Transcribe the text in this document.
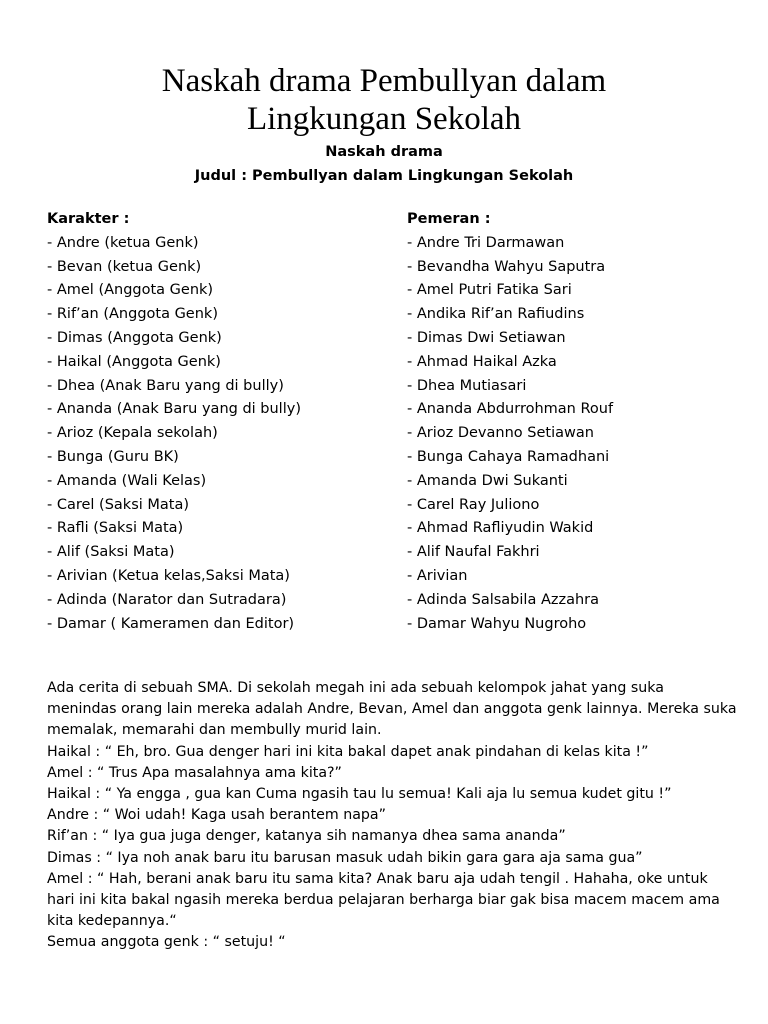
Naskah drama Pembullyan dalam
Lingkungan Sekolah

Naskah drama

Judul : Pembullyan dalam Lingkungan Sekolah

Karakter :

- Andre (ketua Genk)
- Bevan (ketua Genk)
- Amel (Anggota Genk)
- Rif’an (Anggota Genk)
- Dimas (Anggota Genk)
- Haikal (Anggota Genk)
- Dhea (Anak Baru yang di bully)
- Ananda (Anak Baru yang di bully)
- Arioz (Kepala sekolah)
- Bunga (Guru BK)
- Amanda (Wali Kelas)
- Carel (Saksi Mata)
- Rafli (Saksi Mata)
- Alif (Saksi Mata)
- Arivian (Ketua kelas,Saksi Mata)
- Adinda (Narator dan Sutradara)
- Damar ( Kameramen dan Editor)

Pemeran :

- Andre Tri Darmawan
- Bevandha Wahyu Saputra
- Amel Putri Fatika Sari
- Andika Rif’an Rafiudins
- Dimas Dwi Setiawan
- Ahmad Haikal Azka
- Dhea Mutiasari
- Ananda Abdurrohman Rouf
- Arioz Devanno Setiawan
- Bunga Cahaya Ramadhani
- Amanda Dwi Sukanti
- Carel Ray Juliono
- Ahmad Rafliyudin Wakid
- Alif Naufal Fakhri
- Arivian
- Adinda Salsabila Azzahra
- Damar Wahyu Nugroho

Ada cerita di sebuah SMA. Di sekolah megah ini ada sebuah kelompok jahat yang suka menindas orang lain mereka adalah Andre, Bevan, Amel dan anggota genk lainnya. Mereka suka memalak, memarahi dan membully murid lain.

Haikal : “ Eh, bro. Gua denger hari ini kita bakal dapet anak pindahan di kelas kita !”

Amel : “ Trus Apa masalahnya ama kita?”

Haikal : “ Ya engga , gua kan Cuma ngasih tau lu semua! Kali aja lu semua kudet gitu !”

Andre : “ Woi udah! Kaga usah berantem napa”

Rif’an : “ Iya gua juga denger, katanya sih namanya dhea sama ananda”

Dimas : “ Iya noh anak baru itu barusan masuk udah bikin gara gara aja sama gua”

Amel : “ Hah, berani anak baru itu sama kita? Anak baru aja udah tengil . Hahaha, oke untuk hari ini kita bakal ngasih mereka berdua pelajaran berharga biar gak bisa macem macem ama kita kedepannya.“

Semua anggota genk : “ setuju! “
